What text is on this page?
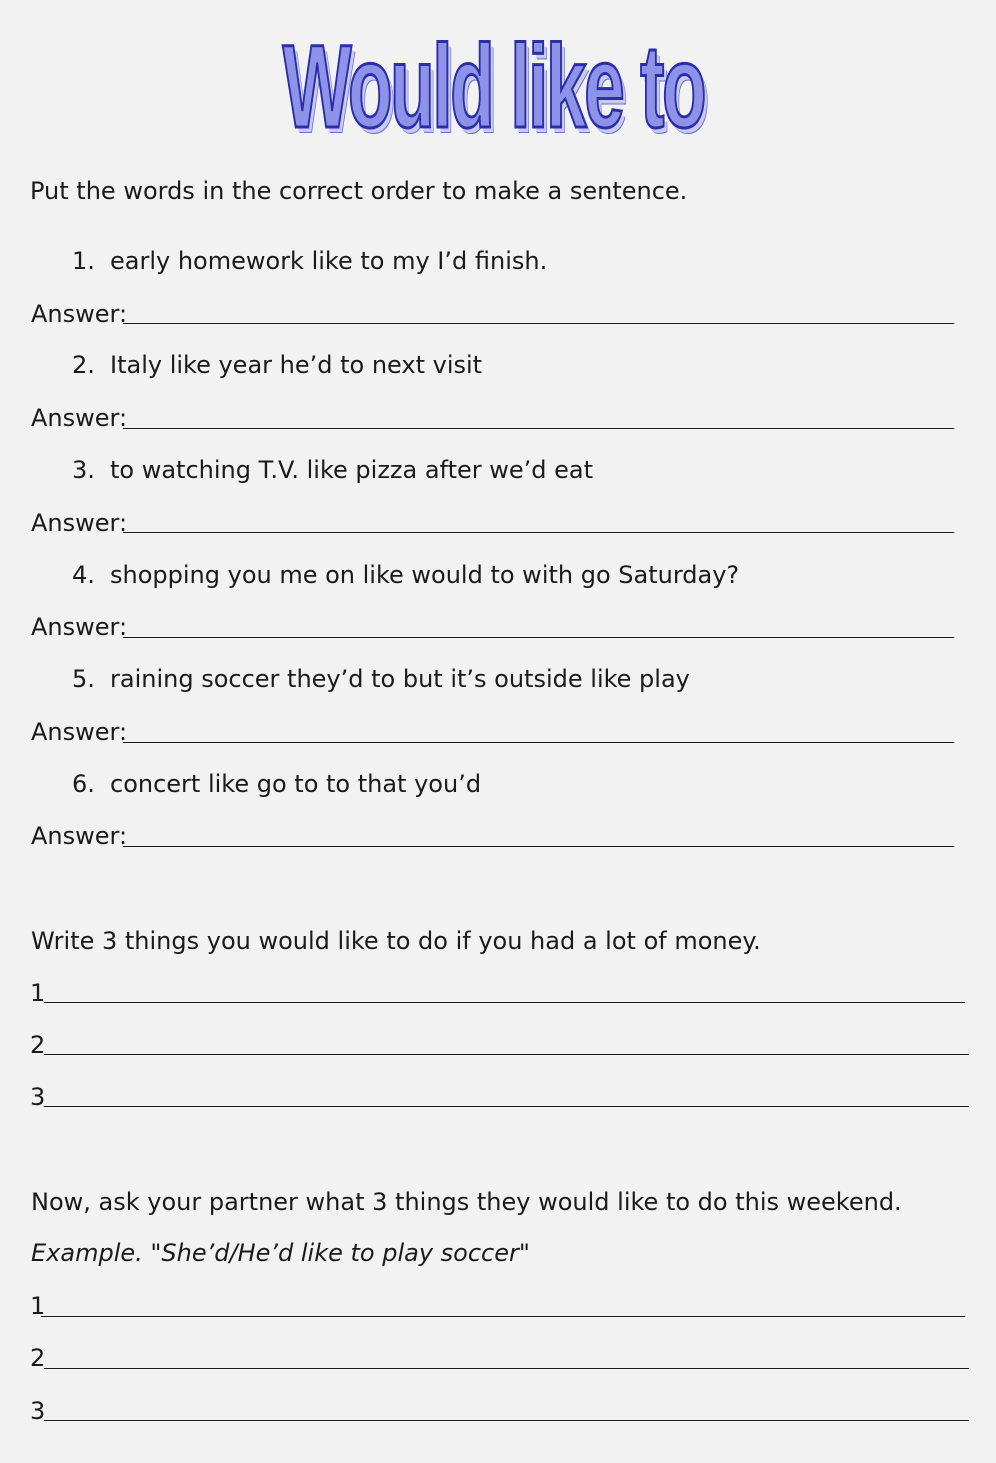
Would like to
Put the words in the correct order to make a sentence.
1. early homework like to my I’d finish.
Answer:
2. Italy like year he’d to next visit
Answer:
3. to watching T.V. like pizza after we’d eat
Answer:
4. shopping you me on like would to with go Saturday?
Answer:
5. raining soccer they’d to but it’s outside like play
Answer:
6. concert like go to to that you’d
Answer:
Write 3 things you would like to do if you had a lot of money.
1
2
3
Now, ask your partner what 3 things they would like to do this weekend.
Example. "She’d/He’d like to play soccer"
1
2
3
